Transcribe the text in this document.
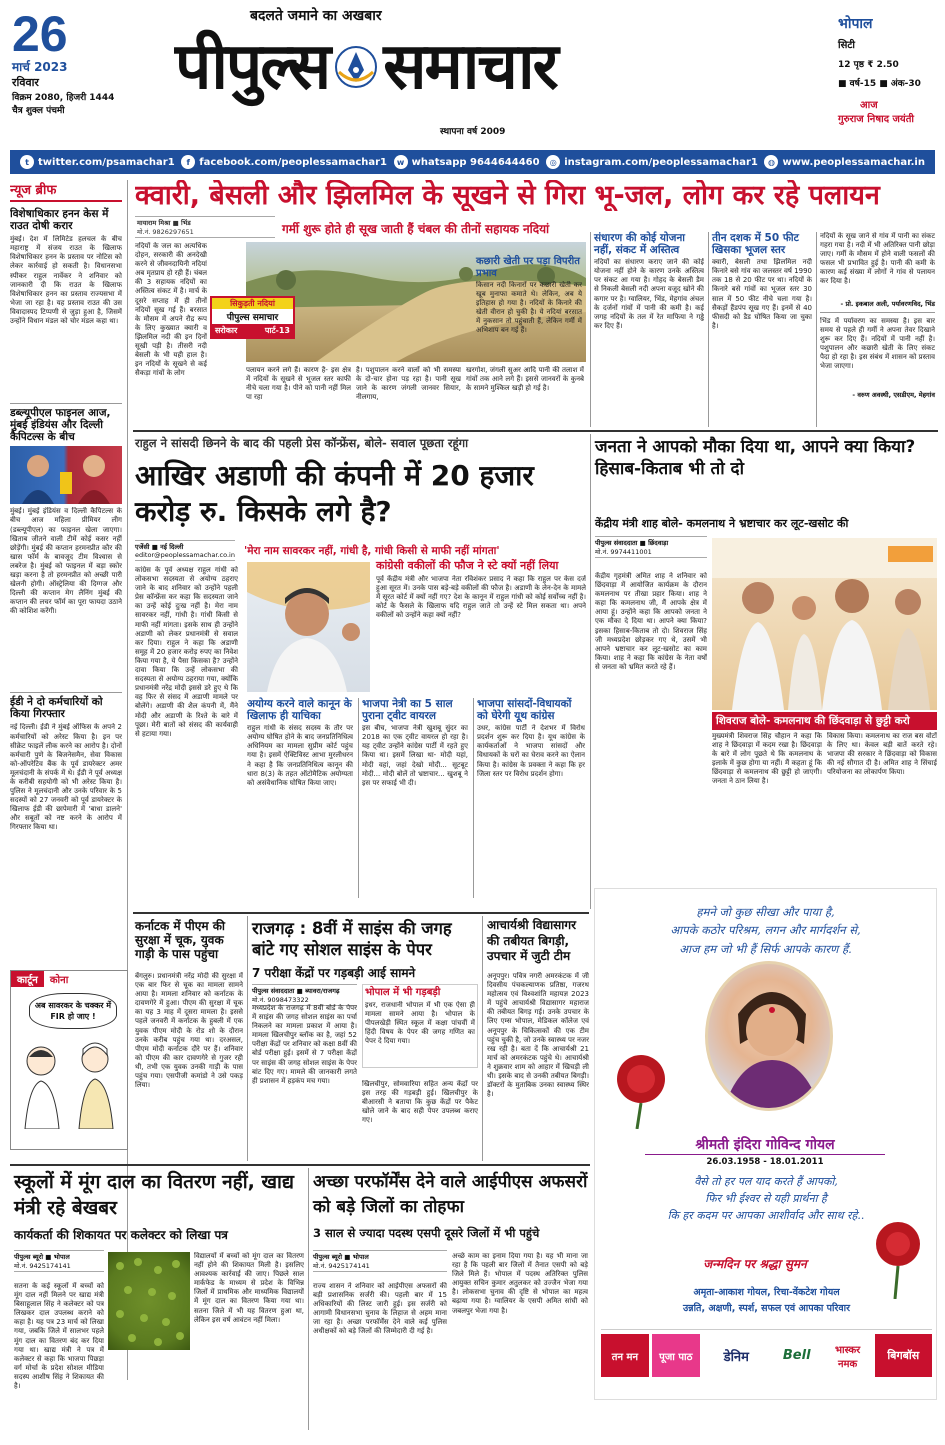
26
मार्च 2023
रविवार
विक्रम 2080, हिजरी 1444
चैत्र शुक्ल पंचमी
बदलते जमाने का अखबार
पीपुल्स समाचार
स्थापना वर्ष 2009
भोपाल
सिटी
12 पृष्ठ ₹ 2.50
■ वर्ष-15 ■ अंक-30
आज
गुरुराज निषाद जयंती
t twitter.com/psamachar1	f facebook.com/peoplessamachar1	w whatsapp 9644644460	◎ instagram.com/peoplessamachar1	◍ www.peoplessamachar.in
न्यूज ब्रीफ
विशेषाधिकार हनन केस में राउत दोषी करार
मुंबई। देश में लिमिटेड हलचल के बीच महाराष्ट्र में संजय राउत के खिलाफ विशेषाधिकार हनन के प्रस्ताव पर नोटिस को लेकर कार्रवाई हो सकती है। विधानसभा स्पीकर राहुल नार्वेकर ने शनिवार को जानकारी दी कि राउत के खिलाफ विशेषाधिकार हनन का प्रस्ताव राज्यसभा में भेजा जा रहा है। यह प्रस्ताव राउत की उस विवादास्पद टिप्पणी से जुड़ा हुआ है, जिसमें उन्होंने विधान मंडल को चोर मंडल कहा था।
डब्ल्यूपीएल फाइनल आज, मुंबई इंडियंस और दिल्ली कैपिटल्स के बीच
मुंबई। मुंबई इंडियंस व दिल्ली कैपिटल्स के बीच आज महिला प्रीमियर लीग (डब्ल्यूपीएल) का फाइनल खेला जाएगा। खिताब जीतने वाली टीमें कोई कसर नहीं छोड़ेंगी। मुंबई की कप्तान हरमनप्रीत कौर की खास फॉर्म के बावजूद टीम विश्वास से लबरेज है। मुंबई को फाइनल में बड़ा स्कोर खड़ा करना है तो हरमनप्रीत को अच्छी पारी खेलनी होगी। ऑस्ट्रेलिया की दिग्गज और दिल्ली की कप्तान मेग लैनिंग मुंबई की कप्तान की लचर फॉर्म का पूरा फायदा उठाने की कोशिश करेंगी।
ईडी ने दो कर्मचारियों को किया गिरफ्तार
नई दिल्ली। ईडी ने मुंबई ऑफिस के अपने 2 कर्मचारियों को अरेस्ट किया है। इन पर सीक्रेट फाइलें लीक करने का आरोप है। दोनों कर्मचारी पुणे के बिजनेसमैन, सेवा विकास को-ऑपरेटिव बैंक के पूर्व डायरेक्टर अमर मूलचंदानी के संपर्क में थे। ईडी ने पूर्व अध्यक्ष के करीबी सहयोगी को भी अरेस्ट किया है। पुलिस ने मूलचंदानी और उनके परिवार के 5 सदस्यों को 27 जनवरी को पूर्व डायरेक्टर के खिलाफ ईडी की छापेमारी में 'बाधा डालने' और सबूतों को नष्ट करने के आरोप में गिरफ्तार किया था।
क्वारी, बेसली और झिलमिल के सूखने से गिरा भू-जल, लोग कर रहे पलायन
मायाराम मिश्रा ■ भिंड
मो.नं. 9826297651	गर्मी शुरू होते ही सूख जाती हैं चंबल की तीनों सहायक नदियां
सिकुड़ती नदियां
पीपुल्स समाचार
सरोकार	पार्ट-13
नदियों के जल का अत्यधिक दोहन, सरकारी की अनदेखी करने से जीवनदायिनी नदियां अब मृतप्राय हो रही हैं। चंबल की 3 सहायक नदियों का अस्तित्व संकट में है। मार्च के दूसरे सप्ताह में ही तीनों नदियों सूख गई हैं। बरसात के मौसम में अपने रौद्र रूप के लिए कुख्यात क्वारी व झिलमिल नदी की इन दिनों सूखी पड़ी है। तीसरी नदी बेसली के भी यही हाल है। इन नदियों के सूखने से कई सैकड़ा गांवों के लोग	पलायन करने लगे हैं। कारण है- इस क्षेत्र में नदियों के सूखने से भूजल स्तर काफी नीचे चला गया है। पीने को पानी नहीं मिल पा रहा
है। पशुपालन करने वालों को भी समस्या के दो-चार होना पड़ रहा है। पानी सूख जाने के कारण जंगली जानवर सियार, नीलगाय,
खरगोश, जंगली सुअर आदि पानी की तलाश में गांवों तक आने लगे हैं। इससे जानवरों के कुनबे के सामने मुश्किल खड़ी हो गई है।
कछारी खेती पर पड़ा विपरीत प्रभाव
किसान नदी किनारों पर कछारी खेती कर खूब मुनाफा कमाते थे। लेकिन, अब ये इतिहास हो गया है। नदियों के किनारे की खेती वीरान हो चुकी है। ये नदियां बरसात में नुकसान तो पहुंचाती हैं, लेकिन गर्मी में अभिशाप बन गई हैं।
संधारण की कोई योजना नहीं, संकट में अस्तित्व
नदियों का संधारण कराए जाने की कोई योजना नहीं होने के कारण उनके अस्तित्व पर संकट आ गया है। गोहद के बेसली डैम से निकली बेसली नदी अपना वजूद खोने की कगार पर है। ग्वालियर, भिंड, मेहगांव अंचल के दर्जनों गांवों में पानी की कमी है। कई जगह नदियों के तल में रेत माफिया ने गड्ढे कर दिए हैं।
तीन दशक में 50 फीट खिसका भूजल स्तर
क्वारी, बेसली तथा झिलमिल नदी किनारे बसे गांव का जलस्तर वर्ष 1990 तक 18 से 20 फीट पर था। नदियों के किनारे बसे गांवों का भूजल स्तर 30 साल में 50 फीट नीचे चला गया है। सैकड़ों हैंडपंप सूख गए हैं। इनमें से 40 फीसदी को डैड घोषित किया जा चुका है।
नदियों के सूख जाने से गांव में पानी का संकट गहरा गया है। नदी में भी अतिरिक्त पानी छोड़ा जाए। गर्मी के मौसम में होने वाली फसलों की फसल भी प्रभावित हुई है। पानी की कमी के कारण कई संख्या में लोगों ने गांव से पलायन कर दिया है।
- प्रो. इकबाल अली, पर्यावरणविद, भिंड
भिंड में पर्यावरण का समस्या है। इस बार समय से पहले ही गर्मी ने अपना तेवर दिखाने शुरू कर दिए हैं। नदियों में पानी नहीं है। पशुपालन और कछारी खेती के लिए संकट पैदा हो रहा है। इस संबंध में शासन को प्रस्ताव भेजा जाएगा।
- वरुण अवस्थी, एसडीएम, मेहगांव
राहुल ने सांसदी छिनने के बाद की पहली प्रेस कॉन्फ्रेंस, बोले- सवाल पूछता रहूंगा
आखिर अडाणी की कंपनी में 20 हजार करोड़ रु. किसके लगे है?
एजेंसी ■ नई दिल्ली
editor@peoplessamachar.co.in 'मेरा नाम सावरकर नहीं, गांधी है, गांधी किसी से माफी नहीं मांगता'
कांग्रेस के पूर्व अध्यक्ष राहुल गांधी को लोकसभा सदस्यता से अयोग्य ठहराए जाने के बाद शनिवार को उन्होंने पहली प्रेस कॉन्फ्रेंस कर कहा कि सदस्यता जाने का उन्हें कोई दुःख नहीं है। मेरा नाम सावरकर नहीं, गांधी है। गांधी किसी से माफी नहीं मांगता। इसके साथ ही उन्होंने अडाणी को लेकर प्रधानमंत्री से सवाल कर दिया। राहुल ने कहा कि अडाणी समूह में 20 हजार करोड़ रुपए का निवेश किया गया है, ये पैसा किसका है? उन्होंने दावा किया कि उन्हें लोकसभा की सदस्यता से अयोग्य ठहराया गया, क्योंकि प्रधानमंत्री नरेंद्र मोदी इससे डरे हुए थे कि वह फिर से संसद में अडाणी मामले पर बोलेंगे। अडाणी की शैल कंपनी में, मैंने मोदी और अडाणी के रिश्ते के बारे में पूछा। मेरी बातों को संसद की कार्यवाही से हटाया गया।
कांग्रेसी वकीलों की फौज ने स्टे क्यों नहीं लिया
पूर्व केंद्रीय मंत्री और भाजपा नेता रविशंकर प्रसाद ने कहा कि राहुल पर केस दर्ज हुआ सूरत में। उनके पास बड़े-बड़े वकीलों की फौज है। अडाणी के लेन-देन के मामले में सूरत कोर्ट में क्यों नहीं गए? देश के कानून में राहुल गांधी को कोई सर्वोच्च नहीं है। कोर्ट के फैसले के खिलाफ यदि राहुल जाते तो उन्हें स्टे मिल सकता था। अपने वकीलों को उन्होंने कहा क्यों नहीं?
अयोग्य करने वाले कानून के खिलाफ ही याचिका
राहुल गांधी के संसद सदस्य के तौर पर अयोग्य घोषित होने के बाद जनप्रतिनिधित्व अधिनियम का मामला सुप्रीम कोर्ट पहुंच गया है। इसमें ऐक्टिविस्ट आभा मुरलीधरन ने कहा है कि जनप्रतिनिधित्व कानून की धारा 8(3) के तहत ऑटोमैटिक अयोग्यता को असंवैधानिक घोषित किया जाए।
भाजपा नेत्री का 5 साल पुराना ट्वीट वायरल
इस बीच, भाजपा नेत्री खुशबू सुंदर का 2018 का एक ट्वीट वायरल हो रहा है। यह ट्वीट उन्होंने कांग्रेस पार्टी में रहते हुए किया था। इसमें लिखा था- मोदी यहां, मोदी वहां, जहां देखो मोदी... सूटबूट मोदी... मोदी बोलें तो भ्रष्टाचार... खुशबू ने इस पर सफाई भी दी।
भाजपा सांसदों-विधायकों को घेरेगी यूथ कांग्रेस
उधर, कांग्रेस पार्टी ने देशभर में विरोध प्रदर्शन शुरू कर दिया है। यूथ कांग्रेस के कार्यकर्ताओं ने भाजपा सांसदों और विधायकों के घरों का घेराव करने का ऐलान किया है। कांग्रेस के प्रवक्ता ने कहा कि हर जिला स्तर पर विरोध प्रदर्शन होगा।
जनता ने आपको मौका दिया था, आपने क्या किया? हिसाब-किताब भी तो दो
केंद्रीय मंत्री शाह बोले- कमलनाथ ने भ्रष्टाचार कर लूट-खसोट की
पीपुल्स संवाददाता ■ छिंदवाड़ा
मो.नं. 9974411001
केंद्रीय गृहमंत्री अमित शाह ने शनिवार को छिंदवाड़ा में आयोजित कार्यक्रम के दौरान कमलनाथ पर तीखा प्रहार किया। शाह ने कहा कि कमलनाथ जी, मैं आपके क्षेत्र में आया हूं। उन्होंने कहा कि आपको जनता ने एक मौका दे दिया था। आपने क्या किया? इसका हिसाब-किताब तो दो। शिवराज सिंह जी मध्यप्रदेश छोड़कर गए थे, उसमें भी आपने भ्रष्टाचार कर लूट-खसोट का काम किया। शाह ने कहा कि कांग्रेस के नेता वर्षों से जनता को भ्रमित करते रहे हैं।
शिवराज बोले- कमलनाथ की छिंदवाड़ा से छुट्टी करो
मुख्यमंत्री शिवराज सिंह चौहान ने कहा कि शाह ने छिंदवाड़ा में कदम रखा है। छिंदवाड़ा के बारे में लोग पूछते थे कि कमलनाथ के इलाके में कुछ होगा या नहीं। मैं कहता हूं कि छिंदवाड़ा से कमलनाथ की छुट्टी हो जाएगी। जनता ने ठान लिया है।
विकास किया। कमलनाथ का राज बस वोटों के लिए था। केवल बड़ी बातें करते रहे। भाजपा की सरकार ने छिंदवाड़ा को विकास की नई सौगात दी है। अमित शाह ने सिंचाई परियोजना का लोकार्पण किया।
कर्नाटक में पीएम की सुरक्षा में चूक, युवक गाड़ी के पास पहुंचा
बेंगलुरु। प्रधानमंत्री नरेंद्र मोदी की सुरक्षा में एक बार फिर से चूक का मामला सामने आया है। मामला शनिवार को कर्नाटक के दावणगेरे में हुआ। पीएम की सुरक्षा में चूक का यह 3 माह में दूसरा मामला है। इससे पहले जनवरी में कर्नाटक के हुबली में एक युवक पीएम मोदी के रोड शो के दौरान उनके करीब पहुंच गया था। दरअसल, पीएम मोदी कर्नाटक दौरे पर हैं। शनिवार को पीएम की कार दावणगेरे से गुजर रही थी, तभी एक युवक उनकी गाड़ी के पास पहुंच गया। एसपीजी कमांडो ने उसे पकड़ लिया।
कार्टून	कोना
अब सावरकर के चक्कर में FIR हो जाए !
राजगढ़ : 8वीं में साइंस की जगह बांटे गए सोशल साइंस के पेपर
7 परीक्षा केंद्रों पर गड़बड़ी आई सामने
पीपुल्स संवाददाता ■ ब्यावरा/राजगढ़
मो.नं. 9098473322
मध्यप्रदेश के राजगढ़ में 8वीं बोर्ड के पेपर में साइंस की जगह सोशल साइंस का पर्चा निकलने का मामला प्रकाश में आया है। मामला खिलचीपुर ब्लॉक का है, जहां 52 परीक्षा केंद्रों पर शनिवार को कक्षा 8वीं की बोर्ड परीक्षा हुई। इसमें से 7 परीक्षा केंद्रों पर साइंस की जगह सोशल साइंस के पेपर बांट दिए गए। मामले की जानकारी लगते ही प्रशासन में हड़कंप मच गया।
भोपाल में भी गड़बड़ी
इधर, राजधानी भोपाल में भी एक ऐसा ही मामला सामने आया है। भोपाल के पीपलखेड़ी स्थित स्कूल में कक्षा पांचवीं में हिंदी विषय के पेपर की जगह गणित का पेपर दे दिया गया।
खिलचीपुर, सोमवारिया सहित अन्य केंद्रों पर इस तरह की गड़बड़ी हुई। खिलचीपुर के बीआरसी ने बताया कि कुछ केंद्रों पर पैकेट खोले जाने के बाद सही पेपर उपलब्ध कराए गए।
आचार्यश्री विद्यासागर की तबीयत बिगड़ी, उपचार में जुटी टीम
अनूपपुर। पवित्र नगरी अमरकंटक में जी दिवसीय पंचकल्याणक प्रतिष्ठा, गजरथ महोत्सव एवं विश्वशांति महायज्ञ 2023 में पहुंचे आचार्यश्री विद्यासागर महाराज की तबीयत बिगड़ गई। उनके उपचार के लिए एम्स भोपाल, मेडिकल कॉलेज एवं अनूपपुर के चिकित्सकों की एक टीम पहुंच चुकी है, जो उनके स्वास्थ्य पर नजर रख रही है। बता दें कि आचार्यश्री 21 मार्च को अमरकंटक पहुंचे थे। आचार्यश्री ने शुक्रवार शाम को आहार में खिचड़ी ली थी। इसके बाद से उनकी तबीयत बिगड़ी। डॉक्टरों के मुताबिक उनका स्वास्थ्य स्थिर है।
हमने जो कुछ सीखा और पाया है,
आपके कठोर परिश्रम, लगन और मार्गदर्शन से,
आज हम जो भी हैं सिर्फ आपके कारण हैं.
श्रीमती इंदिरा गोविन्द गोयल
26.03.1958 - 18.01.2011
वैसे तो हर पल याद करते हैं आपको,
फिर भी ईश्वर से यही प्रार्थना है
कि हर कदम पर आपका आशीर्वाद और साथ रहे..
जन्मदिन पर श्रद्धा सुमन
अमृता-आकाश गोयल, रिचा-वेंकटेश गोयल
उन्नति, अक्षणी, स्पर्श, सफल एवं आपका परिवार
तन मन	पूजा पाठ	डेनिम	Bell	भास्कर नमक
बिगबॉस
स्कूलों में मूंग दाल का वितरण नहीं, खाद्य मंत्री रहे बेखबर
कार्यकर्ता की शिकायत पर कलेक्टर को लिखा पत्र
पीपुल्स ब्यूरो ■ भोपाल
मो.नं. 9425174141
सतना के कई स्कूलों में बच्चों को मूंग दाल नहीं मिलने पर खाद्य मंत्री बिसाहूलाल सिंह ने कलेक्टर को पत्र लिखकर दाल उपलब्ध कराने को कहा है। यह पत्र 23 मार्च को लिखा गया, जबकि जिले में सालभर पहले मूंग दाल का वितरण बंद कर दिया गया था। खाद्य मंत्री ने पत्र में कलेक्टर से कहा कि भाजपा पिछड़ा वर्ग मोर्चा के प्रदेश सोशल मीडिया सदस्य आशीष सिंह ने शिकायत की है।
विद्यालयों में बच्चों को मूंग दाल का वितरण नहीं होने की शिकायत मिली है। इसलिए आवश्यक कार्रवाई की जाए। पिछले साल मार्कफेड के माध्यम से प्रदेश के विभिन्न जिलों में प्राथमिक और माध्यमिक विद्यालयों में मूंग दाल का वितरण किया गया था। सतना जिले में भी यह वितरण हुआ था, लेकिन इस वर्ष आवंटन नहीं मिला।
अच्छा परफॉर्मेंस देने वाले आईपीएस अफसरों को बड़े जिलों का तोहफा
3 साल से ज्यादा पदस्थ एसपी दूसरे जिलों में भी पहुंचे
पीपुल्स ब्यूरो ■ भोपाल
मो.नं. 9425174141
राज्य शासन ने शनिवार को आईपीएस अफसरों की बड़ी प्रशासनिक सर्जरी की। पहली बार में 15 अधिकारियों की लिस्ट जारी हुई। इस सर्जरी को आगामी विधानसभा चुनाव के लिहाज से अहम माना जा रहा है। अच्छा परफॉर्मेंस देने वाले कई पुलिस अधीक्षकों को बड़े जिलों की जिम्मेदारी दी गई है।
अच्छे काम का इनाम दिया गया है। यह भी माना जा रहा है कि पहली बार जिलों में तैनात एसपी को बड़े जिले मिले हैं। भोपाल में पदस्थ अतिरिक्त पुलिस आयुक्त सचिन कुमार अतुलकर को उज्जैन भेजा गया है। लोकसभा चुनाव की दृष्टि से भोपाल का महत्व बढ़ाया गया है। ग्वालियर के एसपी अमित सांघी को जबलपुर भेजा गया है।
